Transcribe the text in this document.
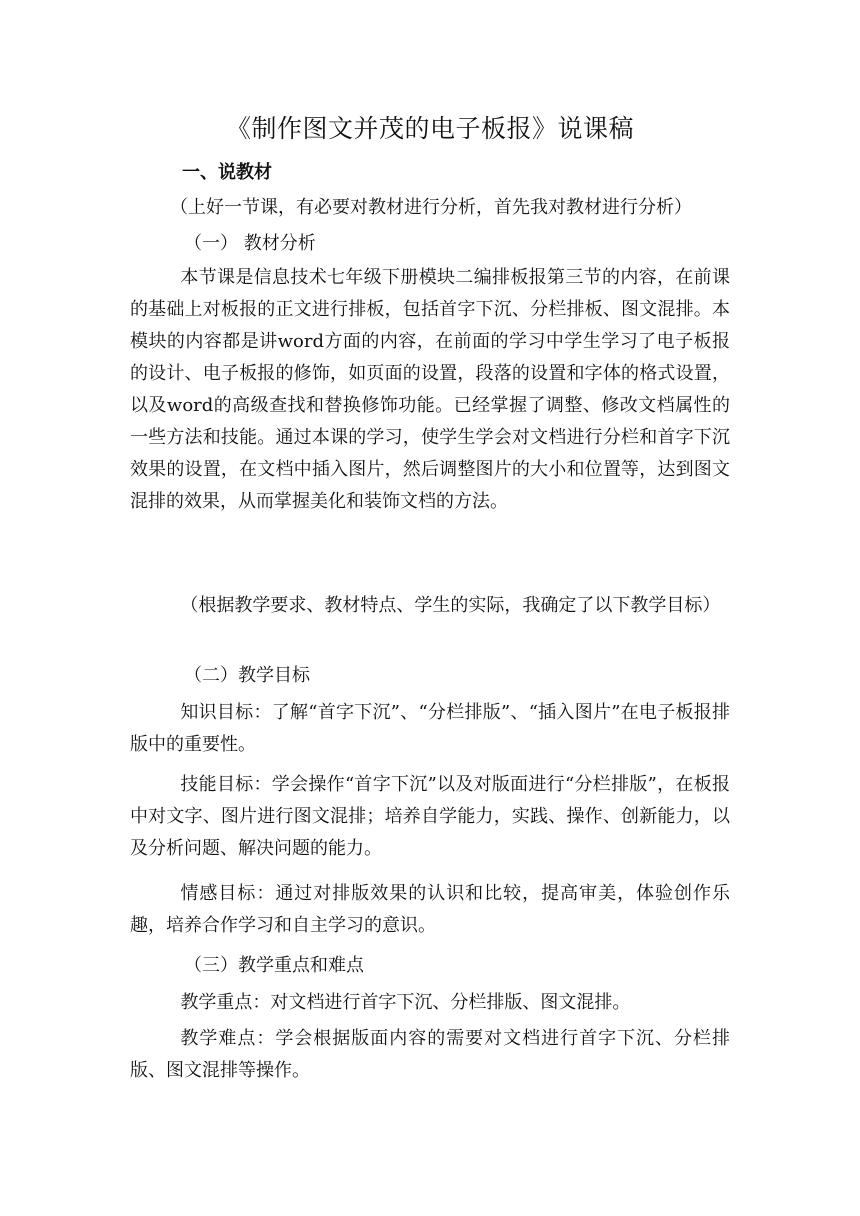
《制作图文并茂的电子板报》说课稿
一、说教材

（上好一节课，有必要对教材进行分析，首先我对教材进行分析）

（一） 教材分析

本节课是信息技术七年级下册模块二编排板报第三节的内容，在前课的基础上对板报的正文进行排板，包括首字下沉、分栏排板、图文混排。本模块的内容都是讲word方面的内容，在前面的学习中学生学习了电子板报的设计、电子板报的修饰，如页面的设置，段落的设置和字体的格式设置，以及word的高级查找和替换修饰功能。已经掌握了调整、修改文档属性的一些方法和技能。通过本课的学习，使学生学会对文档进行分栏和首字下沉效果的设置，在文档中插入图片，然后调整图片的大小和位置等，达到图文混排的效果，从而掌握美化和装饰文档的方法。

（根据教学要求、教材特点、学生的实际，我确定了以下教学目标）

（二）教学目标

知识目标：了解“首字下沉”、“分栏排版”、“插入图片”在电子板报排版中的重要性。

技能目标：学会操作“首字下沉”以及对版面进行“分栏排版”，在板报中对文字、图片进行图文混排；培养自学能力，实践、操作、创新能力，以及分析问题、解决问题的能力。

情感目标：通过对排版效果的认识和比较，提高审美，体验创作乐趣，培养合作学习和自主学习的意识。

（三）教学重点和难点

教学重点：对文档进行首字下沉、分栏排版、图文混排。

教学难点：学会根据版面内容的需要对文档进行首字下沉、分栏排版、图文混排等操作。
